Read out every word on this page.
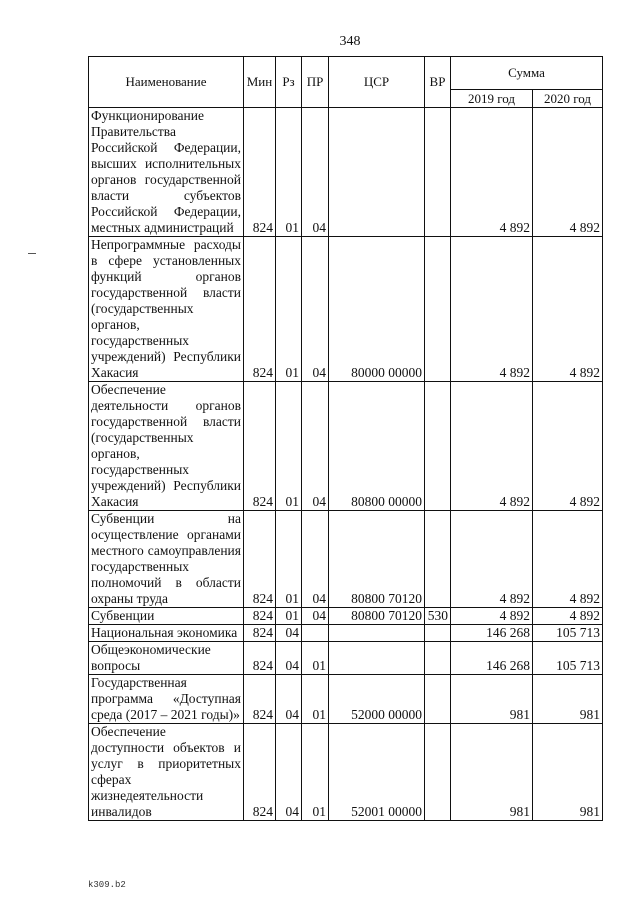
348
Наименование	Мин	Рз	ПР	ЦСР	ВР	Сумма	
						2019 год	2020 год
Функционирование Правительства Российской Федерации, высших исполнительных органов государственной власти субъектов Российской Федерации, местных администраций	824	01	04			4 892	4 892
Непрограммные расходы в сфере установленных функций органов государственной власти (государственных органов, государственных учреждений) Республики Хакасия	824	01	04	80000 00000		4 892	4 892
Обеспечение деятельности органов государственной власти (государственных органов, государственных учреждений) Республики Хакасия	824	01	04	80800 00000		4 892	4 892
Субвенции на осуществление органами местного самоуправления государственных полномочий в области охраны труда	824	01	04	80800 70120		4 892	4 892
Субвенции	824	01	04	80800 70120	530	4 892	4 892
Национальная экономика	824	04				146 268	105 713
Общеэкономические вопросы	824	04	01			146 268	105 713
Государственная программа «Доступная среда (2017 – 2021 годы)»	824	04	01	52000 00000		981	981
Обеспечение доступности объектов и услуг в приоритетных сферах жизнедеятельности инвалидов	824	04	01	52001 00000		981	981
k309.b2
